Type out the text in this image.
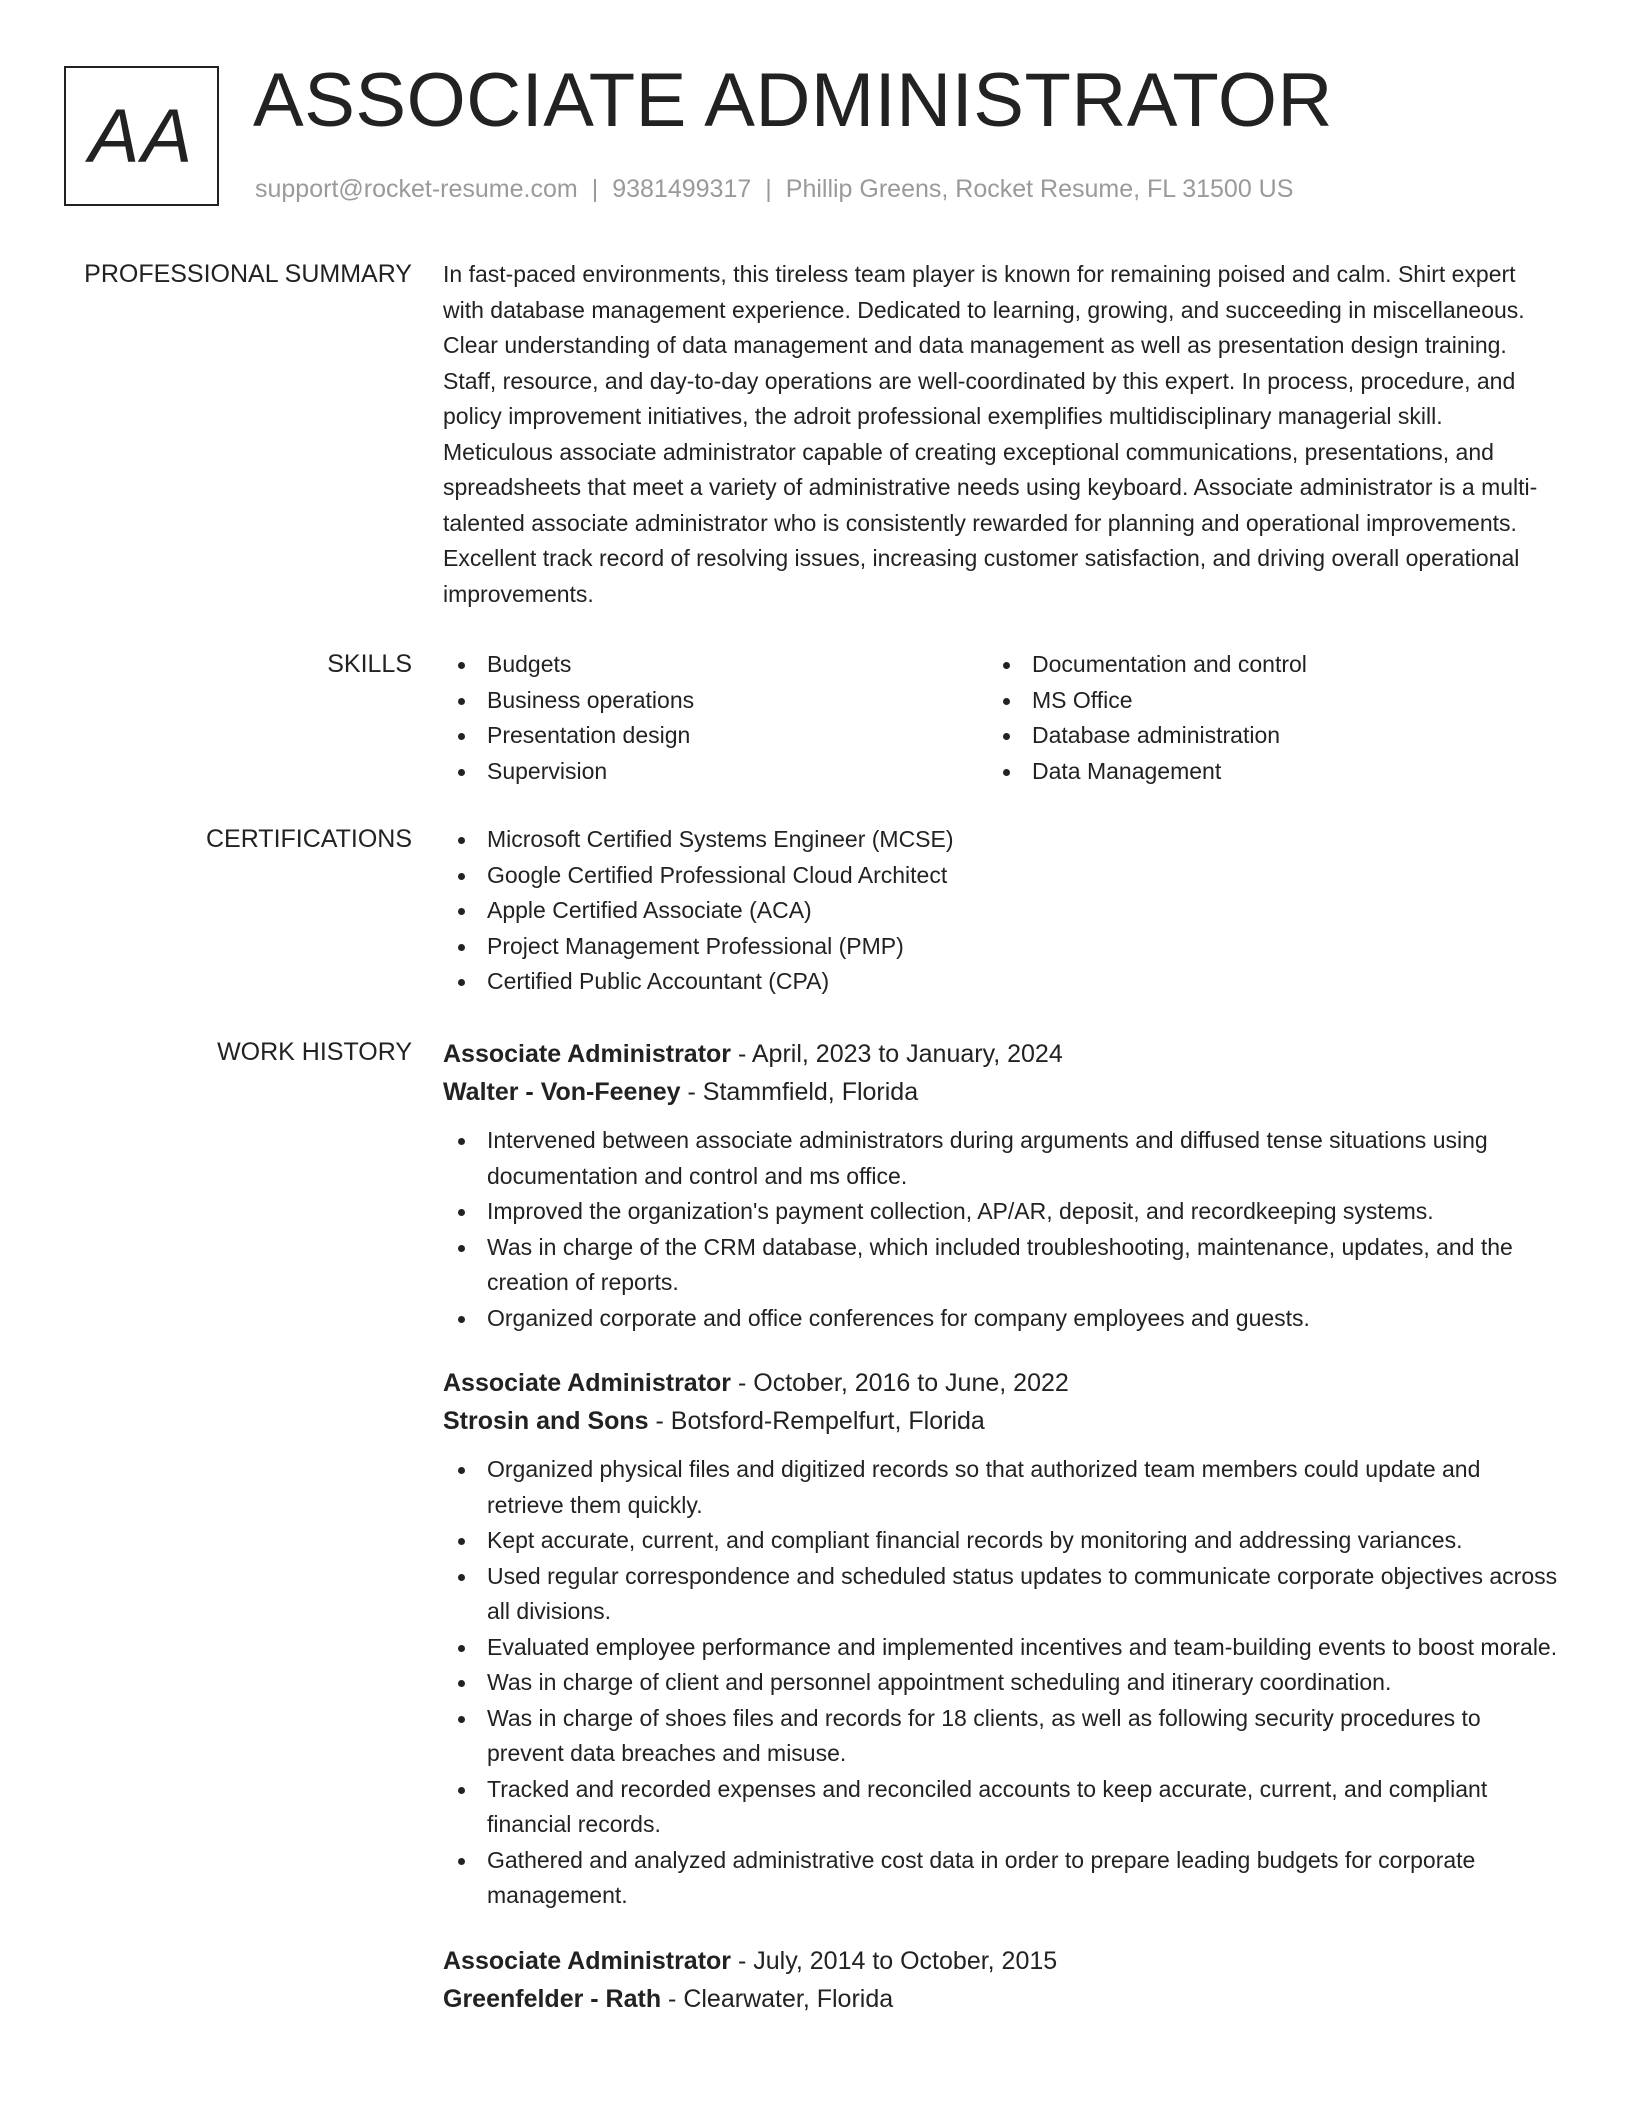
AA ASSOCIATE ADMINISTRATOR
support@rocket-resume.com | 9381499317 | Phillip Greens, Rocket Resume, FL 31500 US
PROFESSIONAL SUMMARY In fast-paced environments, this tireless team player is known for remaining poised and calm. Shirt expert with database management experience. Dedicated to learning, growing, and succeeding in miscellaneous. Clear understanding of data management and data management as well as presentation design training. Staff, resource, and day-to-day operations are well-coordinated by this expert. In process, procedure, and policy improvement initiatives, the adroit professional exemplifies multidisciplinary managerial skill. Meticulous associate administrator capable of creating exceptional communications, presentations, and spreadsheets that meet a variety of administrative needs using keyboard. Associate administrator is a multi-talented associate administrator who is consistently rewarded for planning and operational improvements. Excellent track record of resolving issues, increasing customer satisfaction, and driving overall operational improvements.

SKILLS	Budgets
Business operations
Presentation design
Supervision
Documentation and control
MS Office
Database administration
Data Management
CERTIFICATIONS	Microsoft Certified Systems Engineer (MCSE)
Google Certified Professional Cloud Architect
Apple Certified Associate (ACA)
Project Management Professional (PMP)
Certified Public Accountant (CPA)
WORK HISTORY Associate Administrator - April, 2023 to January, 2024
Walter - Von-Feeney - Stammfield, Florida
Intervened between associate administrators during arguments and diffused tense situations using documentation and control and ms office.
Improved the organization's payment collection, AP/AR, deposit, and recordkeeping systems.
Was in charge of the CRM database, which included troubleshooting, maintenance, updates, and the creation of reports.
Organized corporate and office conferences for company employees and guests.
Associate Administrator - October, 2016 to June, 2022
Strosin and Sons - Botsford-Rempelfurt, Florida
Organized physical files and digitized records so that authorized team members could update and retrieve them quickly.
Kept accurate, current, and compliant financial records by monitoring and addressing variances.
Used regular correspondence and scheduled status updates to communicate corporate objectives across all divisions.
Evaluated employee performance and implemented incentives and team-building events to boost morale.
Was in charge of client and personnel appointment scheduling and itinerary coordination.
Was in charge of shoes files and records for 18 clients, as well as following security procedures to prevent data breaches and misuse.
Tracked and recorded expenses and reconciled accounts to keep accurate, current, and compliant financial records.
Gathered and analyzed administrative cost data in order to prepare leading budgets for corporate management.
Associate Administrator - July, 2014 to October, 2015
Greenfelder - Rath - Clearwater, Florida
